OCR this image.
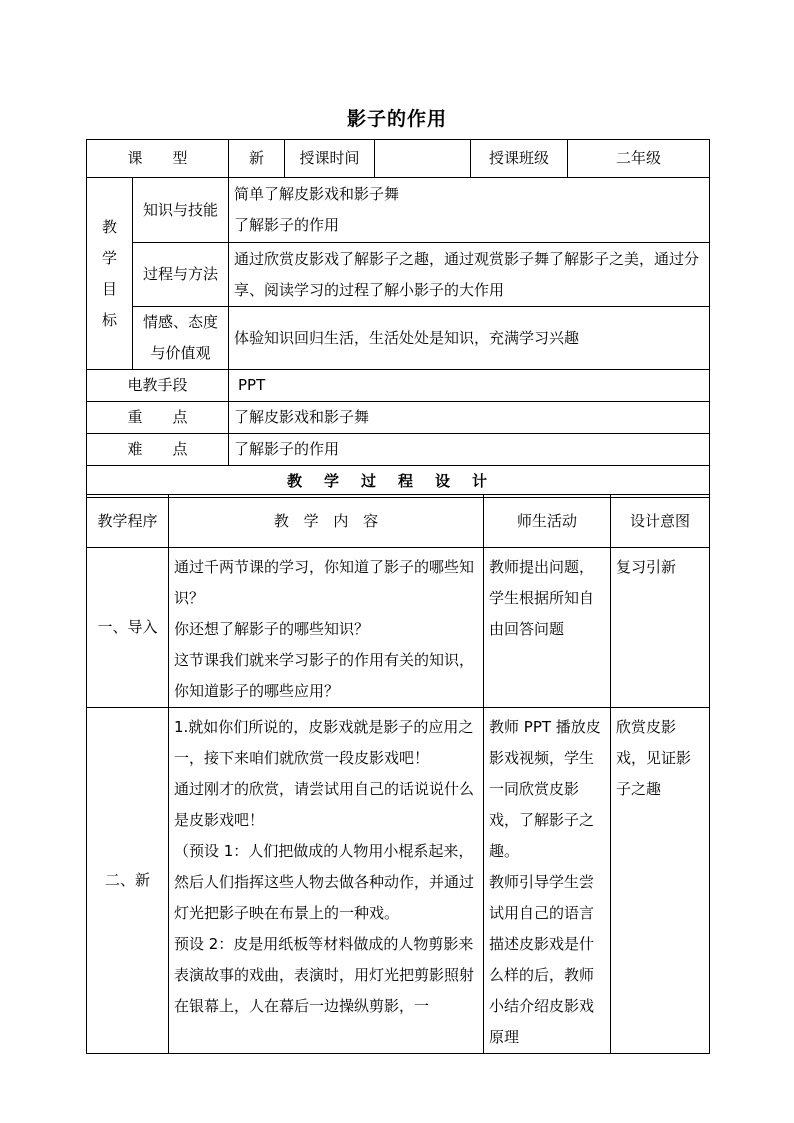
影子的作用
课　　型		新	授课时间		授课班级	二年级
教
学
目
标	知识与技能	简单了解皮影戏和影子舞
了解影子的作用				
	过程与方法	通过欣赏皮影戏了解影子之趣，通过观赏影子舞了解影子之美，通过分享、阅读学习的过程了解小影子的大作用				
	情感、态度
与价值观	体验知识回归生活，生活处处是知识，充满学习兴趣				
电教手段		PPT				
重　　点		了解皮影戏和影子舞				
难　　点		了解影子的作用				
教学过程设计						
教学程序	教 学 内 容	师生活动	设计意图
一、导入	通过千两节课的学习，你知道了影子的哪些知识？
你还想了解影子的哪些知识？
这节课我们就来学习影子的作用有关的知识，你知道影子的哪些应用？	教师提出问题，学生根据所知自由回答问题	复习引新
二、新	1.就如你们所说的，皮影戏就是影子的应用之一，接下来咱们就欣赏一段皮影戏吧！
通过刚才的欣赏，请尝试用自己的话说说什么是皮影戏吧！
（预设 1：人们把做成的人物用小棍系起来，然后人们指挥这些人物去做各种动作，并通过灯光把影子映在布景上的一种戏。
预设 2：皮是用纸板等材料做成的人物剪影来表演故事的戏曲，表演时，用灯光把剪影照射在银幕上，人在幕后一边操纵剪影，一	教师 PPT 播放皮影戏视频，学生一同欣赏皮影戏，了解影子之趣。
教师引导学生尝试用自己的语言描述皮影戏是什么样的后，教师小结介绍皮影戏原理	欣赏皮影戏，见证影子之趣
